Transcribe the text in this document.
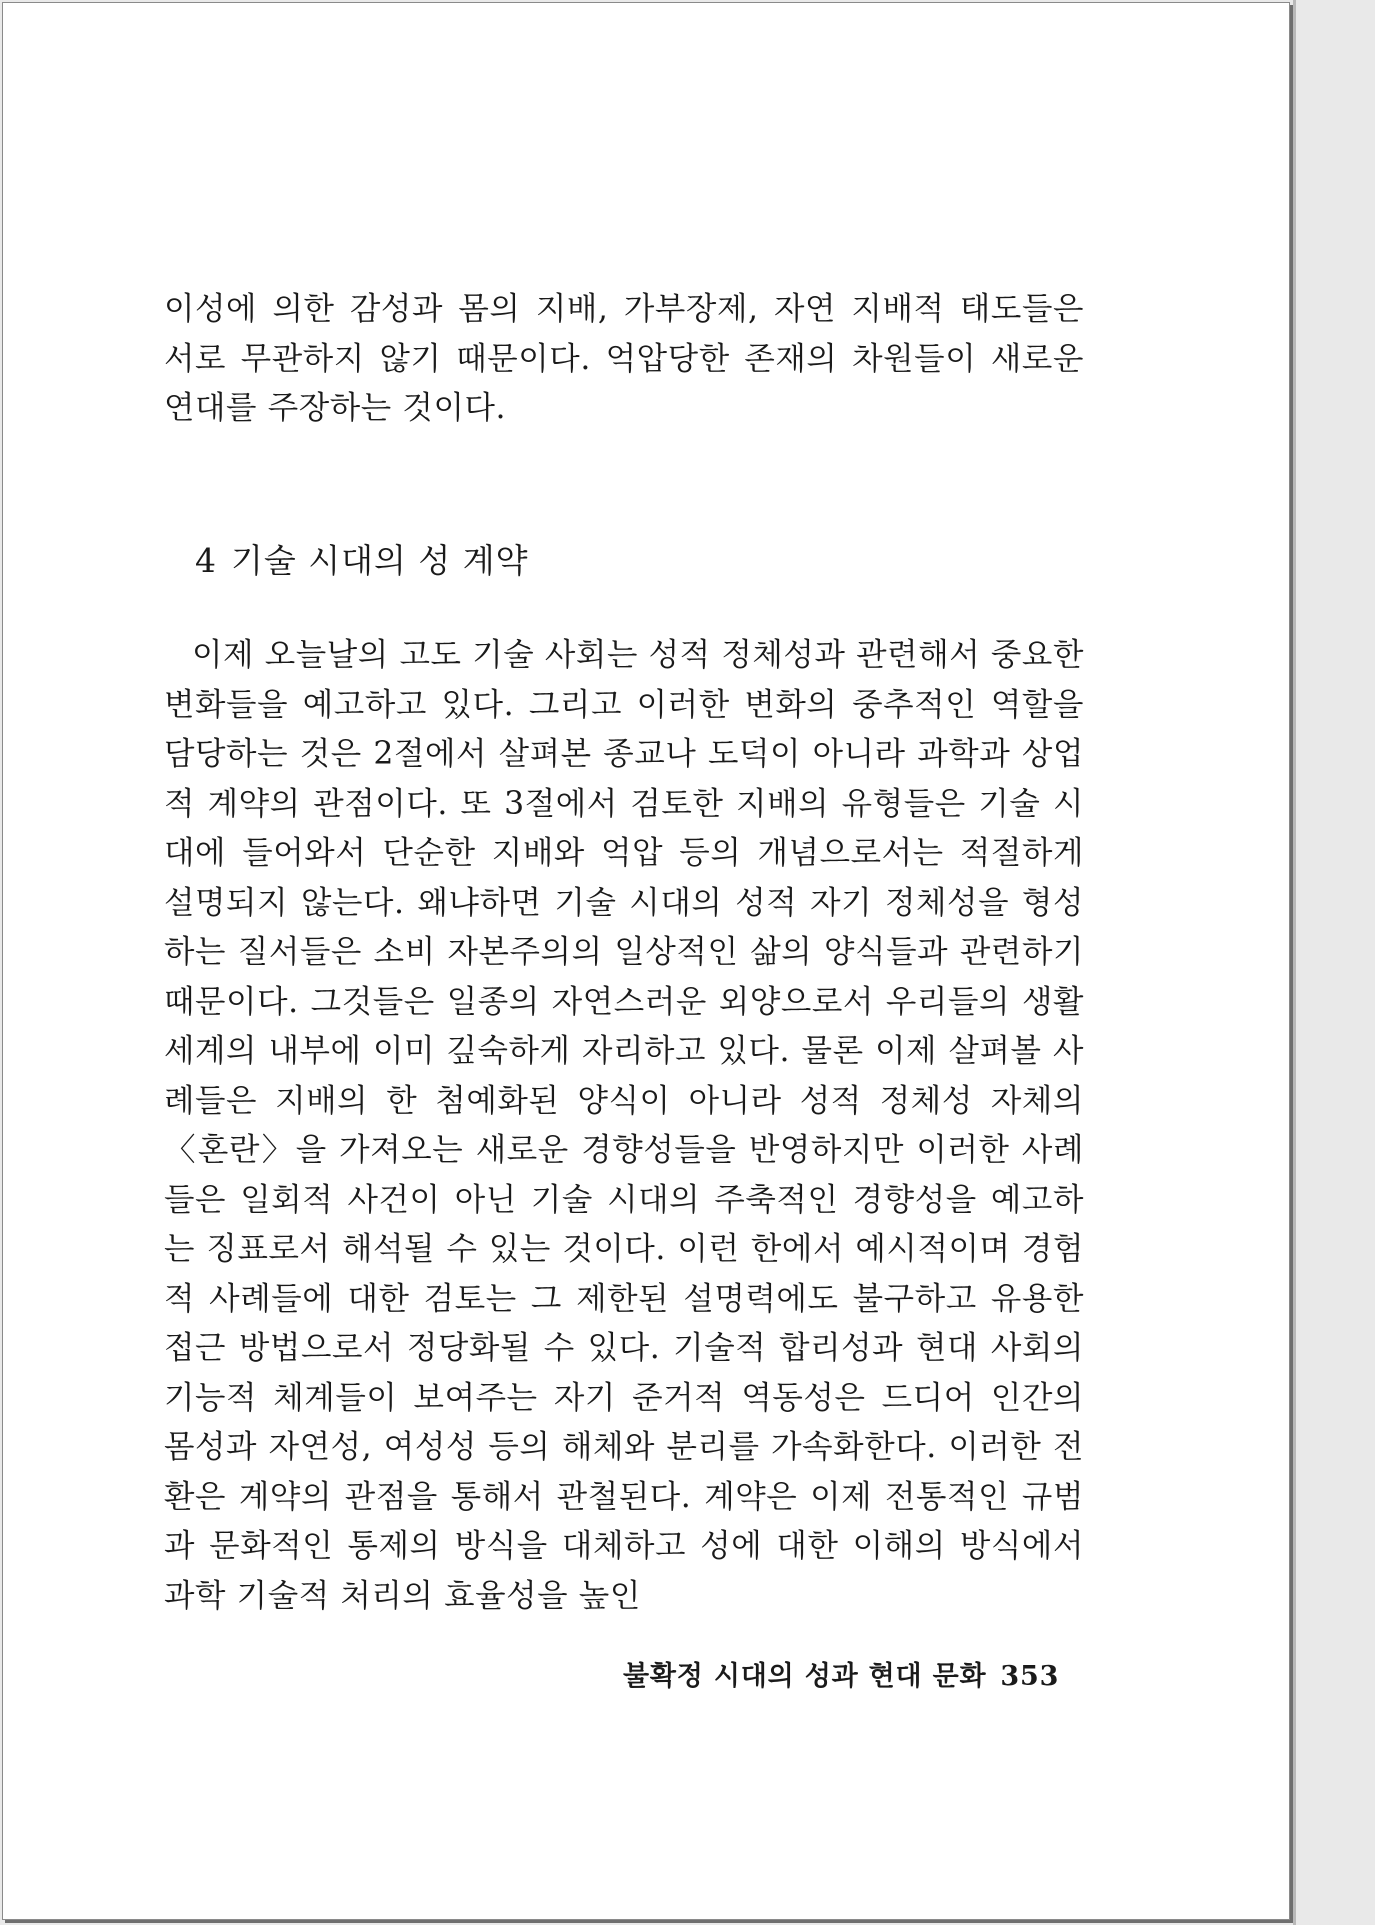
이성에 의한 감성과 몸의 지배, 가부장제, 자연 지배적 태도들은 서로 무관하지 않기 때문이다. 억압당한 존재의 차원들이 새로운 연대를 주장하는 것이다.

4 기술 시대의 성 계약

이제 오늘날의 고도 기술 사회는 성적 정체성과 관련해서 중요한 변화들을 예고하고 있다. 그리고 이러한 변화의 중추적인 역할을 담당하는 것은 2절에서 살펴본 종교나 도덕이 아니라 과학과 상업적 계약의 관점이다. 또 3절에서 검토한 지배의 유형들은 기술 시대에 들어와서 단순한 지배와 억압 등의 개념으로서는 적절하게 설명되지 않는다. 왜냐하면 기술 시대의 성적 자기 정체성을 형성하는 질서들은 소비 자본주의의 일상적인 삶의 양식들과 관련하기 때문이다. 그것들은 일종의 자연스러운 외양으로서 우리들의 생활 세계의 내부에 이미 깊숙하게 자리하고 있다. 물론 이제 살펴볼 사례들은 지배의 한 첨예화된 양식이 아니라 성적 정체성 자체의 〈혼란〉을 가져오는 새로운 경향성들을 반영하지만 이러한 사례들은 일회적 사건이 아닌 기술 시대의 주축적인 경향성을 예고하는 징표로서 해석될 수 있는 것이다. 이런 한에서 예시적이며 경험적 사례들에 대한 검토는 그 제한된 설명력에도 불구하고 유용한 접근 방법으로서 정당화될 수 있다. 기술적 합리성과 현대 사회의 기능적 체계들이 보여주는 자기 준거적 역동성은 드디어 인간의 몸성과 자연성, 여성성 등의 해체와 분리를 가속화한다. 이러한 전환은 계약의 관점을 통해서 관철된다. 계약은 이제 전통적인 규범과 문화적인 통제의 방식을 대체하고 성에 대한 이해의 방식에서 과학 기술적 처리의 효율성을 높인

불확정 시대의 성과 현대 문화 353
